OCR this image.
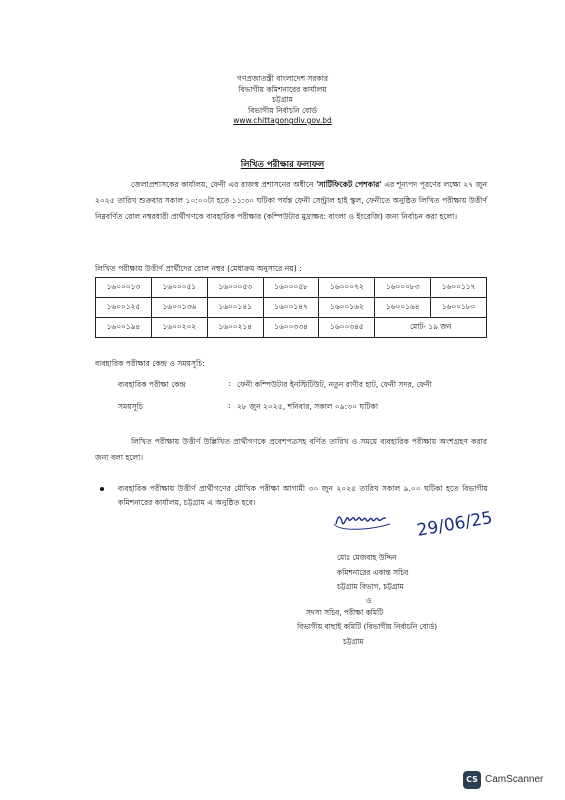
গণপ্রজাতন্ত্রী বাংলাদেশ সরকার
বিভাগীয় কমিশনারের কার্যালয়
চট্টগ্রাম
বিভাগীয় নির্বাচনি বোর্ড
www.chittagongdiv.gov.bd
লিখিত পরীক্ষার ফলাফল
জেলাপ্রশাসকের কার্যালয়, ফেনী এর রাজস্ব প্রশাসনের অধীনে 'সার্টিফিকেট পেশকার' এর শূন্যপদ পূরণের লক্ষ্যে ২৭ জুন ২০২৫ তারিখ শুক্রবার সকাল ১০:০০টা হতে ১১:৩০ ঘটিকা পর্যন্ত ফেনী সেন্ট্রাল হাই স্কুল, ফেনীতে অনুষ্ঠিত লিখিত পরীক্ষায় উত্তীর্ণ নিম্নবর্ণিত রোল নম্বরধারী প্রার্থীগণকে ব্যবহারিক পরীক্ষার (কম্পিউটার মুদ্রাক্ষর: বাংলা ও ইংরেজি) জন্য নির্বাচন করা হলো।
লিখিত পরীক্ষায় উত্তীর্ণ প্রার্থীদের রোল নম্বর (মেধাক্রম অনুসারে নয়) :
১৬০০০১৩	১৬০০০৫১	১৬০০০৫৩	১৬০০০৫৮	১৬০০০৭২	১৬০০০৮৩	১৬০০১১৭
১৬০০১২৫	১৬০০১৩৬	১৬০০১৪১	১৬০০১৪৭	১৬০০১৬২	১৬০০১৬৪	১৬০০১৮০
১৬০০১৯৪	১৬০০২০২	১৬০০২১৪	১৬০০৩৩৪	১৬০০৩৪৫	মোট- ১৯ জন	
ব্যবহারিক পরীক্ষার কেন্দ্র ও সময়সূচি:
ব্যবহারিক পরীক্ষা কেন্দ্র	: ফেনী কম্পিউটার ইনস্টিটিউট, নতুন রাণীর হাট, ফেনী সদর, ফেনী
সময়সূচি	: ২৮ জুন ২০২৫, শনিবার, সকাল ০৯:৩০ ঘটিকা
লিখিত পরীক্ষায় উত্তীর্ণ উল্লিখিত প্রার্থীগণকে প্রবেশপত্রসহ বর্ণিত তারিখ ও সময়ে ব্যবহারিক পরীক্ষায় অংশগ্রহণ করার জন্য বলা হলো।
ব্যবহারিক পরীক্ষায় উত্তীর্ণ প্রার্থীগণের মৌখিক পরীক্ষা আগামী ৩০ জুন ২০২৫ তারিখ সকাল ৯.০০ ঘটিকা হতে বিভাগীয় কমিশনারের কার্যালয়, চট্টগ্রাম এ অনুষ্ঠিত হবে।
29/06/25
মোঃ মেজবাহ উদ্দিন
কমিশনারের একান্ত সচিব
চট্টগ্রাম বিভাগ, চট্টগ্রাম
ও
সদস্য সচিব, পরীক্ষা কমিটি
বিভাগীয় বাছাই কমিটি (বিভাগীয় নির্বাচনি বোর্ড)
চট্টগ্রাম
CS CamScanner
